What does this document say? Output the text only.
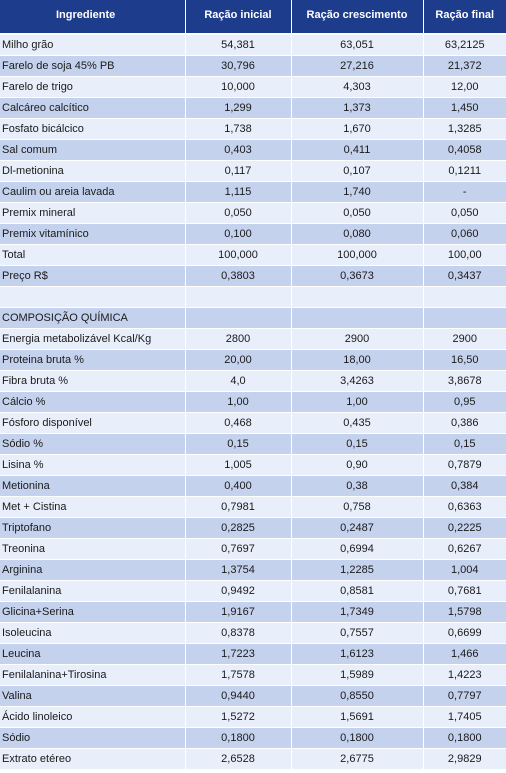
Ingrediente	Ração inicial	Ração crescimento	Ração final
Milho grão	54,381	63,051	63,2125
Farelo de soja 45% PB	30,796	27,216	21,372
Farelo de trigo	10,000	4,303	12,00
Calcáreo calcítico	1,299	1,373	1,450
Fosfato bicálcico	1,738	1,670	1,3285
Sal comum	0,403	0,411	0,4058
Dl-metionina	0,117	0,107	0,1211
Caulim ou areia lavada	1,115	1,740	-
Premix mineral	0,050	0,050	0,050
Premix vitamínico	0,100	0,080	0,060
Total	100,000	100,000	100,00
Preço R$	0,3803	0,3673	0,3437

COMPOSIÇÃO QUÍMICA			
Energia metabolizável Kcal/Kg	2800	2900	2900
Proteina bruta %	20,00	18,00	16,50
Fibra bruta %	4,0	3,4263	3,8678
Cálcio %	1,00	1,00	0,95
Fósforo disponível	0,468	0,435	0,386
Sódio %	0,15	0,15	0,15
Lisina %	1,005	0,90	0,7879
Metionina	0,400	0,38	0,384
Met + Cistina	0,7981	0,758	0,6363
Triptofano	0,2825	0,2487	0,2225
Treonina	0,7697	0,6994	0,6267
Arginina	1,3754	1,2285	1,004
Fenilalanina	0,9492	0,8581	0,7681
Glicina+Serina	1,9167	1,7349	1,5798
Isoleucina	0,8378	0,7557	0,6699
Leucina	1,7223	1,6123	1,466
Fenilalanina+Tirosina	1,7578	1,5989	1,4223
Valina	0,9440	0,8550	0,7797
Ácido linoleico	1,5272	1,5691	1,7405
Sódio	0,1800	0,1800	0,1800
Extrato etéreo	2,6528	2,6775	2,9829
